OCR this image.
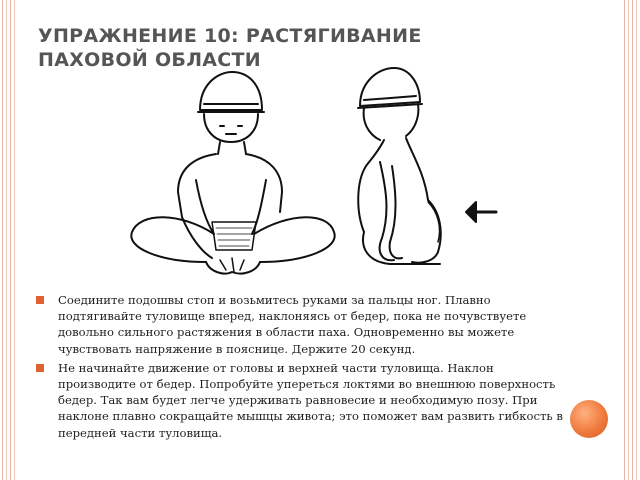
УПРАЖНЕНИЕ 10: РАСТЯГИВАНИЕ
ПАХОВОЙ ОБЛАСТИ
Соедините подошвы стоп и возьмитесь руками за пальцы ног. Плавно подтягивайте туловище вперед, наклоняясь от бедер, пока не почувствуете довольно сильного растяжения в области паха. Одновременно вы можете чувствовать напряжение в пояснице. Держите 20 секунд.
Не начинайте движение от головы и верхней части туловища. Наклон производите от бедер. Попробуйте упереться локтями во внешнюю поверхность бедер. Так вам будет легче удерживать равновесие и необходимую позу. При наклоне плавно сокращайте мышцы живота; это поможет вам развить гибкость в передней части туловища.
